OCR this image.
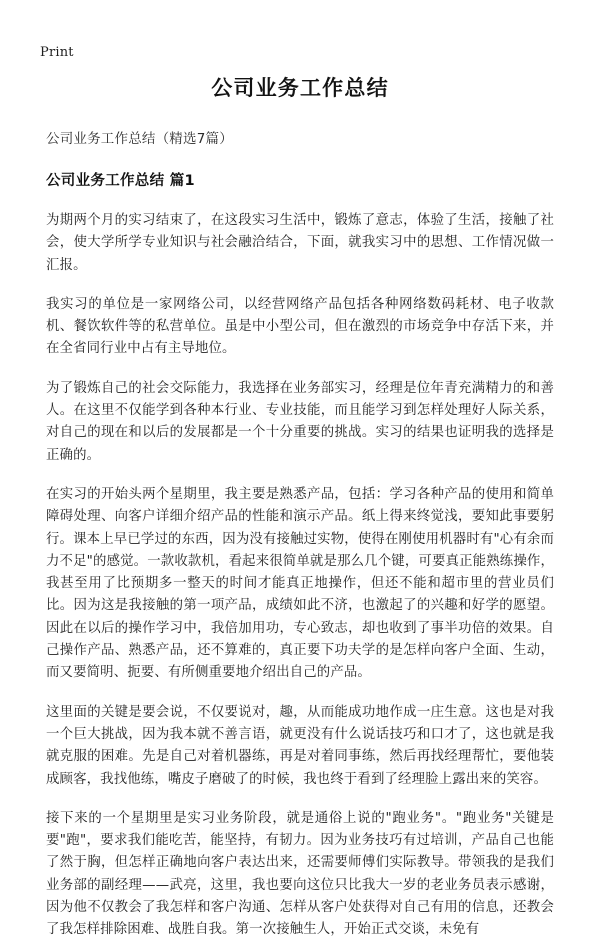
Print
公司业务工作总结

公司业务工作总结（精选7篇）

公司业务工作总结 篇1

为期两个月的实习结束了，在这段实习生活中，锻炼了意志，体验了生活，接触了社会，使大学所学专业知识与社会融洽结合，下面，就我实习中的思想、工作情况做一汇报。

我实习的单位是一家网络公司，以经营网络产品包括各种网络数码耗材、电子收款机、餐饮软件等的私营单位。虽是中小型公司，但在激烈的市场竞争中存活下来，并在全省同行业中占有主导地位。

为了锻炼自己的社会交际能力，我选择在业务部实习，经理是位年青充满精力的和善人。在这里不仅能学到各种本行业、专业技能，而且能学习到怎样处理好人际关系，对自己的现在和以后的发展都是一个十分重要的挑战。实习的结果也证明我的选择是正确的。

在实习的开始头两个星期里，我主要是熟悉产品，包括：学习各种产品的使用和简单障碍处理、向客户详细介绍产品的性能和演示产品。纸上得来终觉浅，要知此事要躬行。课本上早已学过的东西，因为没有接触过实物，使得在刚使用机器时有"心有余而力不足"的感觉。一款收款机，看起来很简单就是那么几个键，可要真正能熟练操作，我甚至用了比预期多一整天的时间才能真正地操作，但还不能和超市里的营业员们比。因为这是我接触的第一项产品，成绩如此不济，也激起了的兴趣和好学的愿望。因此在以后的操作学习中，我倍加用功，专心致志，却也收到了事半功倍的效果。自己操作产品、熟悉产品，还不算难的，真正要下功夫学的是怎样向客户全面、生动，而又要简明、扼要、有所侧重要地介绍出自己的产品。

这里面的关键是要会说，不仅要说对，趣，从而能成功地作成一庄生意。这也是对我一个巨大挑战，因为我本就不善言语，就更没有什么说话技巧和口才了，这也就是我就克服的困难。先是自己对着机器练，再是对着同事练，然后再找经理帮忙，要他装成顾客，我找他练，嘴皮子磨破了的时候，我也终于看到了经理脸上露出来的笑容。

接下来的一个星期里是实习业务阶段，就是通俗上说的"跑业务"。"跑业务"关键是要"跑"，要求我们能吃苦，能坚持，有韧力。因为业务技巧有过培训，产品自己也能了然于胸，但怎样正确地向客户表达出来，还需要师傅们实际教导。带领我的是我们业务部的副经理——武亮，这里，我也要向这位只比我大一岁的老业务员表示感谢，因为他不仅教会了我怎样和客户沟通、怎样从客户处获得对自己有用的信息，还教会了我怎样排除困难、战胜自我。第一次接触生人，开始正式交谈，未免有
